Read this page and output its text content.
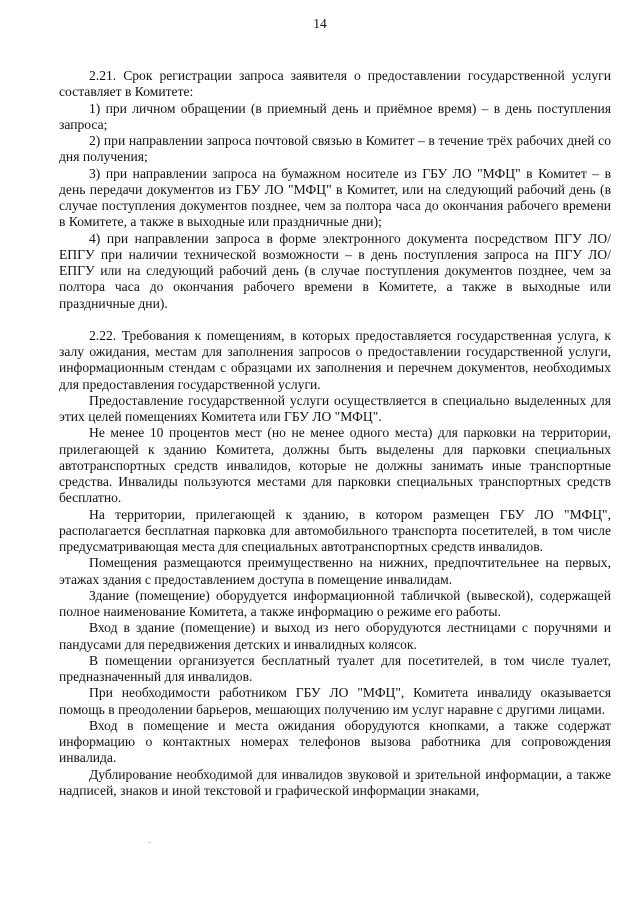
14

2.21. Срок регистрации запроса заявителя о предоставлении государственной услуги составляет в Комитете:

1) при личном обращении (в приемный день и приёмное время) – в день поступления запроса;

2) при направлении запроса почтовой связью в Комитет – в течение трёх рабочих дней со дня получения;

3) при направлении запроса на бумажном носителе из ГБУ ЛО "МФЦ" в Комитет – в день передачи документов из ГБУ ЛО "МФЦ" в Комитет, или на следующий рабочий день (в случае поступления документов позднее, чем за полтора часа до окончания рабочего времени в Комитете, а также в выходные или праздничные дни);

4) при направлении запроса в форме электронного документа посредством ПГУ ЛО/ЕПГУ при наличии технической возможности – в день поступления запроса на ПГУ ЛО/ЕПГУ или на следующий рабочий день (в случае поступления документов позднее, чем за полтора часа до окончания рабочего времени в Комитете, а также в выходные или праздничные дни).

2.22. Требования к помещениям, в которых предоставляется государственная услуга, к залу ожидания, местам для заполнения запросов о предоставлении государственной услуги, информационным стендам с образцами их заполнения и перечнем документов, необходимых для предоставления государственной услуги.

Предоставление государственной услуги осуществляется в специально выделенных для этих целей помещениях Комитета или ГБУ ЛО "МФЦ".

Не менее 10 процентов мест (но не менее одного места) для парковки на территории, прилегающей к зданию Комитета, должны быть выделены для парковки специальных автотранспортных средств инвалидов, которые не должны занимать иные транспортные средства. Инвалиды пользуются местами для парковки специальных транспортных средств бесплатно.

На территории, прилегающей к зданию, в котором размещен ГБУ ЛО "МФЦ", располагается бесплатная парковка для автомобильного транспорта посетителей, в том числе предусматривающая места для специальных автотранспортных средств инвалидов.

Помещения размещаются преимущественно на нижних, предпочтительнее на первых, этажах здания с предоставлением доступа в помещение инвалидам.

Здание (помещение) оборудуется информационной табличкой (вывеской), содержащей полное наименование Комитета, а также информацию о режиме его работы.

Вход в здание (помещение) и выход из него оборудуются лестницами с поручнями и пандусами для передвижения детских и инвалидных колясок.

В помещении организуется бесплатный туалет для посетителей, в том числе туалет, предназначенный для инвалидов.

При необходимости работником ГБУ ЛО "МФЦ", Комитета инвалиду оказывается помощь в преодолении барьеров, мешающих получению им услуг наравне с другими лицами.

Вход в помещение и места ожидания оборудуются кнопками, а также содержат информацию о контактных номерах телефонов вызова работника для сопровождения инвалида.

Дублирование необходимой для инвалидов звуковой и зрительной информации, а также надписей, знаков и иной текстовой и графической информации знаками,
